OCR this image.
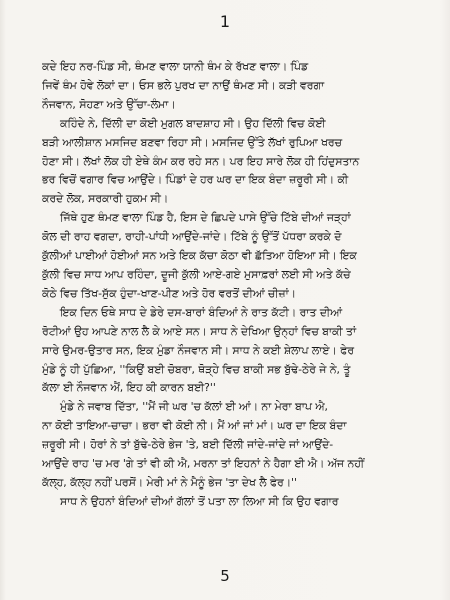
1
ਕਦੇ ਇਹ ਨਰ-ਪਿੰਡ ਸੀ, ਥੰਮਣ ਵਾਲਾ ਯਾਨੀ ਥੰਮ ਕੇ ਰੱਖਣ ਵਾਲਾ। ਪਿੰਡ
ਜਿਵੇਂ ਥੰਮ ਹੋਵੇ ਲੋਕਾਂ ਦਾ। ਓਸ ਭਲੇ ਪੁਰਖ ਦਾ ਨਾਉਂ ਥੰਮਣ ਸੀ। ਕੜੀ ਵਰਗਾ
ਨੌਜਵਾਨ, ਸੋਹਣਾ ਅਤੇ ਉੱਚਾ-ਲੰਮਾ।
ਕਹਿੰਦੇ ਨੇ, ਦਿੱਲੀ ਦਾ ਕੋਈ ਮੁਗਲ ਬਾਦਸ਼ਾਹ ਸੀ। ਉਹ ਦਿੱਲੀ ਵਿਚ ਕੋਈ
ਬੜੀ ਆਲੀਸ਼ਾਨ ਮਸਜਿਦ ਬਣਵਾ ਰਿਹਾ ਸੀ। ਮਸਜਿਦ ਉੱਤੇ ਲੱਖਾਂ ਰੁਪਿਆ ਖਰਚ
ਹੋਣਾ ਸੀ। ਲੱਖਾਂ ਲੋਕ ਹੀ ਏਥੇ ਕੰਮ ਕਰ ਰਹੇ ਸਨ। ਪਰ ਇਹ ਸਾਰੇ ਲੋਕ ਹੀ ਹਿਂਦੁਸਤਾਨ
ਭਰ ਵਿਚੋਂ ਵਗਾਰ ਵਿਚ ਆਉਂਦੇ। ਪਿੰਡਾਂ ਦੇ ਹਰ ਘਰ ਦਾ ਇਕ ਬੰਦਾ ਜ਼ਰੂਰੀ ਸੀ। ਕੀ
ਕਰਦੇ ਲੋਕ, ਸਰਕਾਰੀ ਹੁਕਮ ਸੀ।
ਜਿੱਥੇ ਹੁਣ ਥੰਮਣ ਵਾਲਾ ਪਿੰਡ ਹੈ, ਇਸ ਦੇ ਛਿਪਦੇ ਪਾਸੇ ਉੱਚੇ ਟਿੱਬੇ ਦੀਆਂ ਜੜ੍ਹਾਂ
ਕੋਲ ਦੀ ਰਾਹ ਵਗਦਾ, ਰਾਹੀ-ਪਾਂਧੀ ਆਉਂਦੇ-ਜਾਂਦੇ। ਟਿੱਬੇ ਨੂੰ ਉੱਤੋਂ ਪੱਧਰਾ ਕਰਕੇ ਦੋ
ਕੁੱਲੀਆਂ ਪਾਈਆਂ ਹੋਈਆਂ ਸਨ ਅਤੇ ਇਕ ਕੱਚਾ ਕੋਠਾ ਵੀ ਛੱਤਿਆ ਹੋਇਆ ਸੀ। ਇਕ
ਕੁੱਲੀ ਵਿਚ ਸਾਧ ਆਪ ਰਹਿੰਦਾ, ਦੂਜੀ ਕੁੱਲੀ ਆਏ-ਗਏ ਮੁਸਾਫ਼ਰਾਂ ਲਈ ਸੀ ਅਤੇ ਕੱਚੇ
ਕੋਠੇ ਵਿਚ ਤਿੱਖ-ਸੁੱਕ ਹੁੰਦਾ-ਖਾਣ-ਪੀਣ ਅਤੇ ਹੋਰ ਵਰਤੋਂ ਦੀਆਂ ਚੀਜ਼ਾਂ।
ਇਕ ਦਿਨ ਓਥੇ ਸਾਧ ਦੇ ਡੇਰੇ ਦਸ-ਬਾਰਾਂ ਬੰਦਿਆਂ ਨੇ ਰਾਤ ਕੱਟੀ। ਰਾਤ ਦੀਆਂ
ਰੋਟੀਆਂ ਉਹ ਆਪਣੇ ਨਾਲ ਲੈ ਕੇ ਆਏ ਸਨ। ਸਾਧ ਨੇ ਦੇਖਿਆ ਉਨ੍ਹਾਂ ਵਿਚ ਬਾਕੀ ਤਾਂ
ਸਾਰੇ ਉਮਰ-ਉਤਾਰ ਸਨ, ਇਕ ਮੁੰਡਾ ਨੌਜਵਾਨ ਸੀ। ਸਾਧ ਨੇ ਕਈ ਸ਼ੇਲਾਪ ਲਾਏ। ਫੇਰ
ਮੁੰਡੇ ਨੂੰ ਹੀ ਪੁੱਛਿਆ, ''ਕਿਉਂ ਬਈ ਚੋਬਰਾ, ਥੋੜ੍ਹੇ ਵਿਚ ਬਾਕੀ ਸਭ ਬੁੱਢੇ-ਠੇਰੇ ਜੇ ਨੇ, ਤੂੰ
ਕੱਲਾ ਈ ਨੌਜਵਾਨ ਐਂ, ਇਹ ਕੀ ਕਾਰਨ ਬਈ?''
ਮੁੰਡੇ ਨੇ ਜਵਾਬ ਦਿੱਤਾ, ''ਮੈਂ ਜੀ ਘਰ 'ਚ ਕੱਲਾਂ ਈ ਆਂ। ਨਾ ਮੇਰਾ ਬਾਪ ਐ,
ਨਾ ਕੋਈ ਤਾਇਆ-ਚਾਚਾ। ਭਰਾ ਵੀ ਕੋਈ ਨੀ। ਮੈਂ ਆਂ ਜਾਂ ਮਾਂ। ਘਰ ਦਾ ਇਕ ਬੰਦਾ
ਜ਼ਰੂਰੀ ਸੀ। ਹੋਰਾਂ ਨੇ ਤਾਂ ਬੁੱਢੇ-ਠੇਰੇ ਭੇਜ 'ਤੇ, ਬਈ ਦਿੱਲੀ ਜਾਂਦੇ-ਜਾਂਦੇ ਜਾਂ ਆਉਂਦੇ-
ਆਉਂਦੇ ਰਾਹ 'ਚ ਮਰ 'ਗੇ ਤਾਂ ਵੀ ਕੀ ਐ, ਮਰਨਾ ਤਾਂ ਇਹਨਾਂ ਨੇ ਹੈਗਾ ਈ ਐ। ਅੱਜ ਨਹੀਂ
ਕੱਲ੍ਹ, ਕੱਲ੍ਹ ਨਹੀਂ ਪਰਸੋਂ। ਮੇਰੀ ਮਾਂ ਨੇ ਮੈਨੂੰ ਭੇਜ 'ਤਾ ਦੇਖ ਲੈ ਫੇਰ।''
ਸਾਧ ਨੇ ਉਹਨਾਂ ਬੰਦਿਆਂ ਦੀਆਂ ਗੱਲਾਂ ਤੋਂ ਪਤਾ ਲਾ ਲਿਆ ਸੀ ਕਿ ਉਹ ਵਗਾਰ
5
